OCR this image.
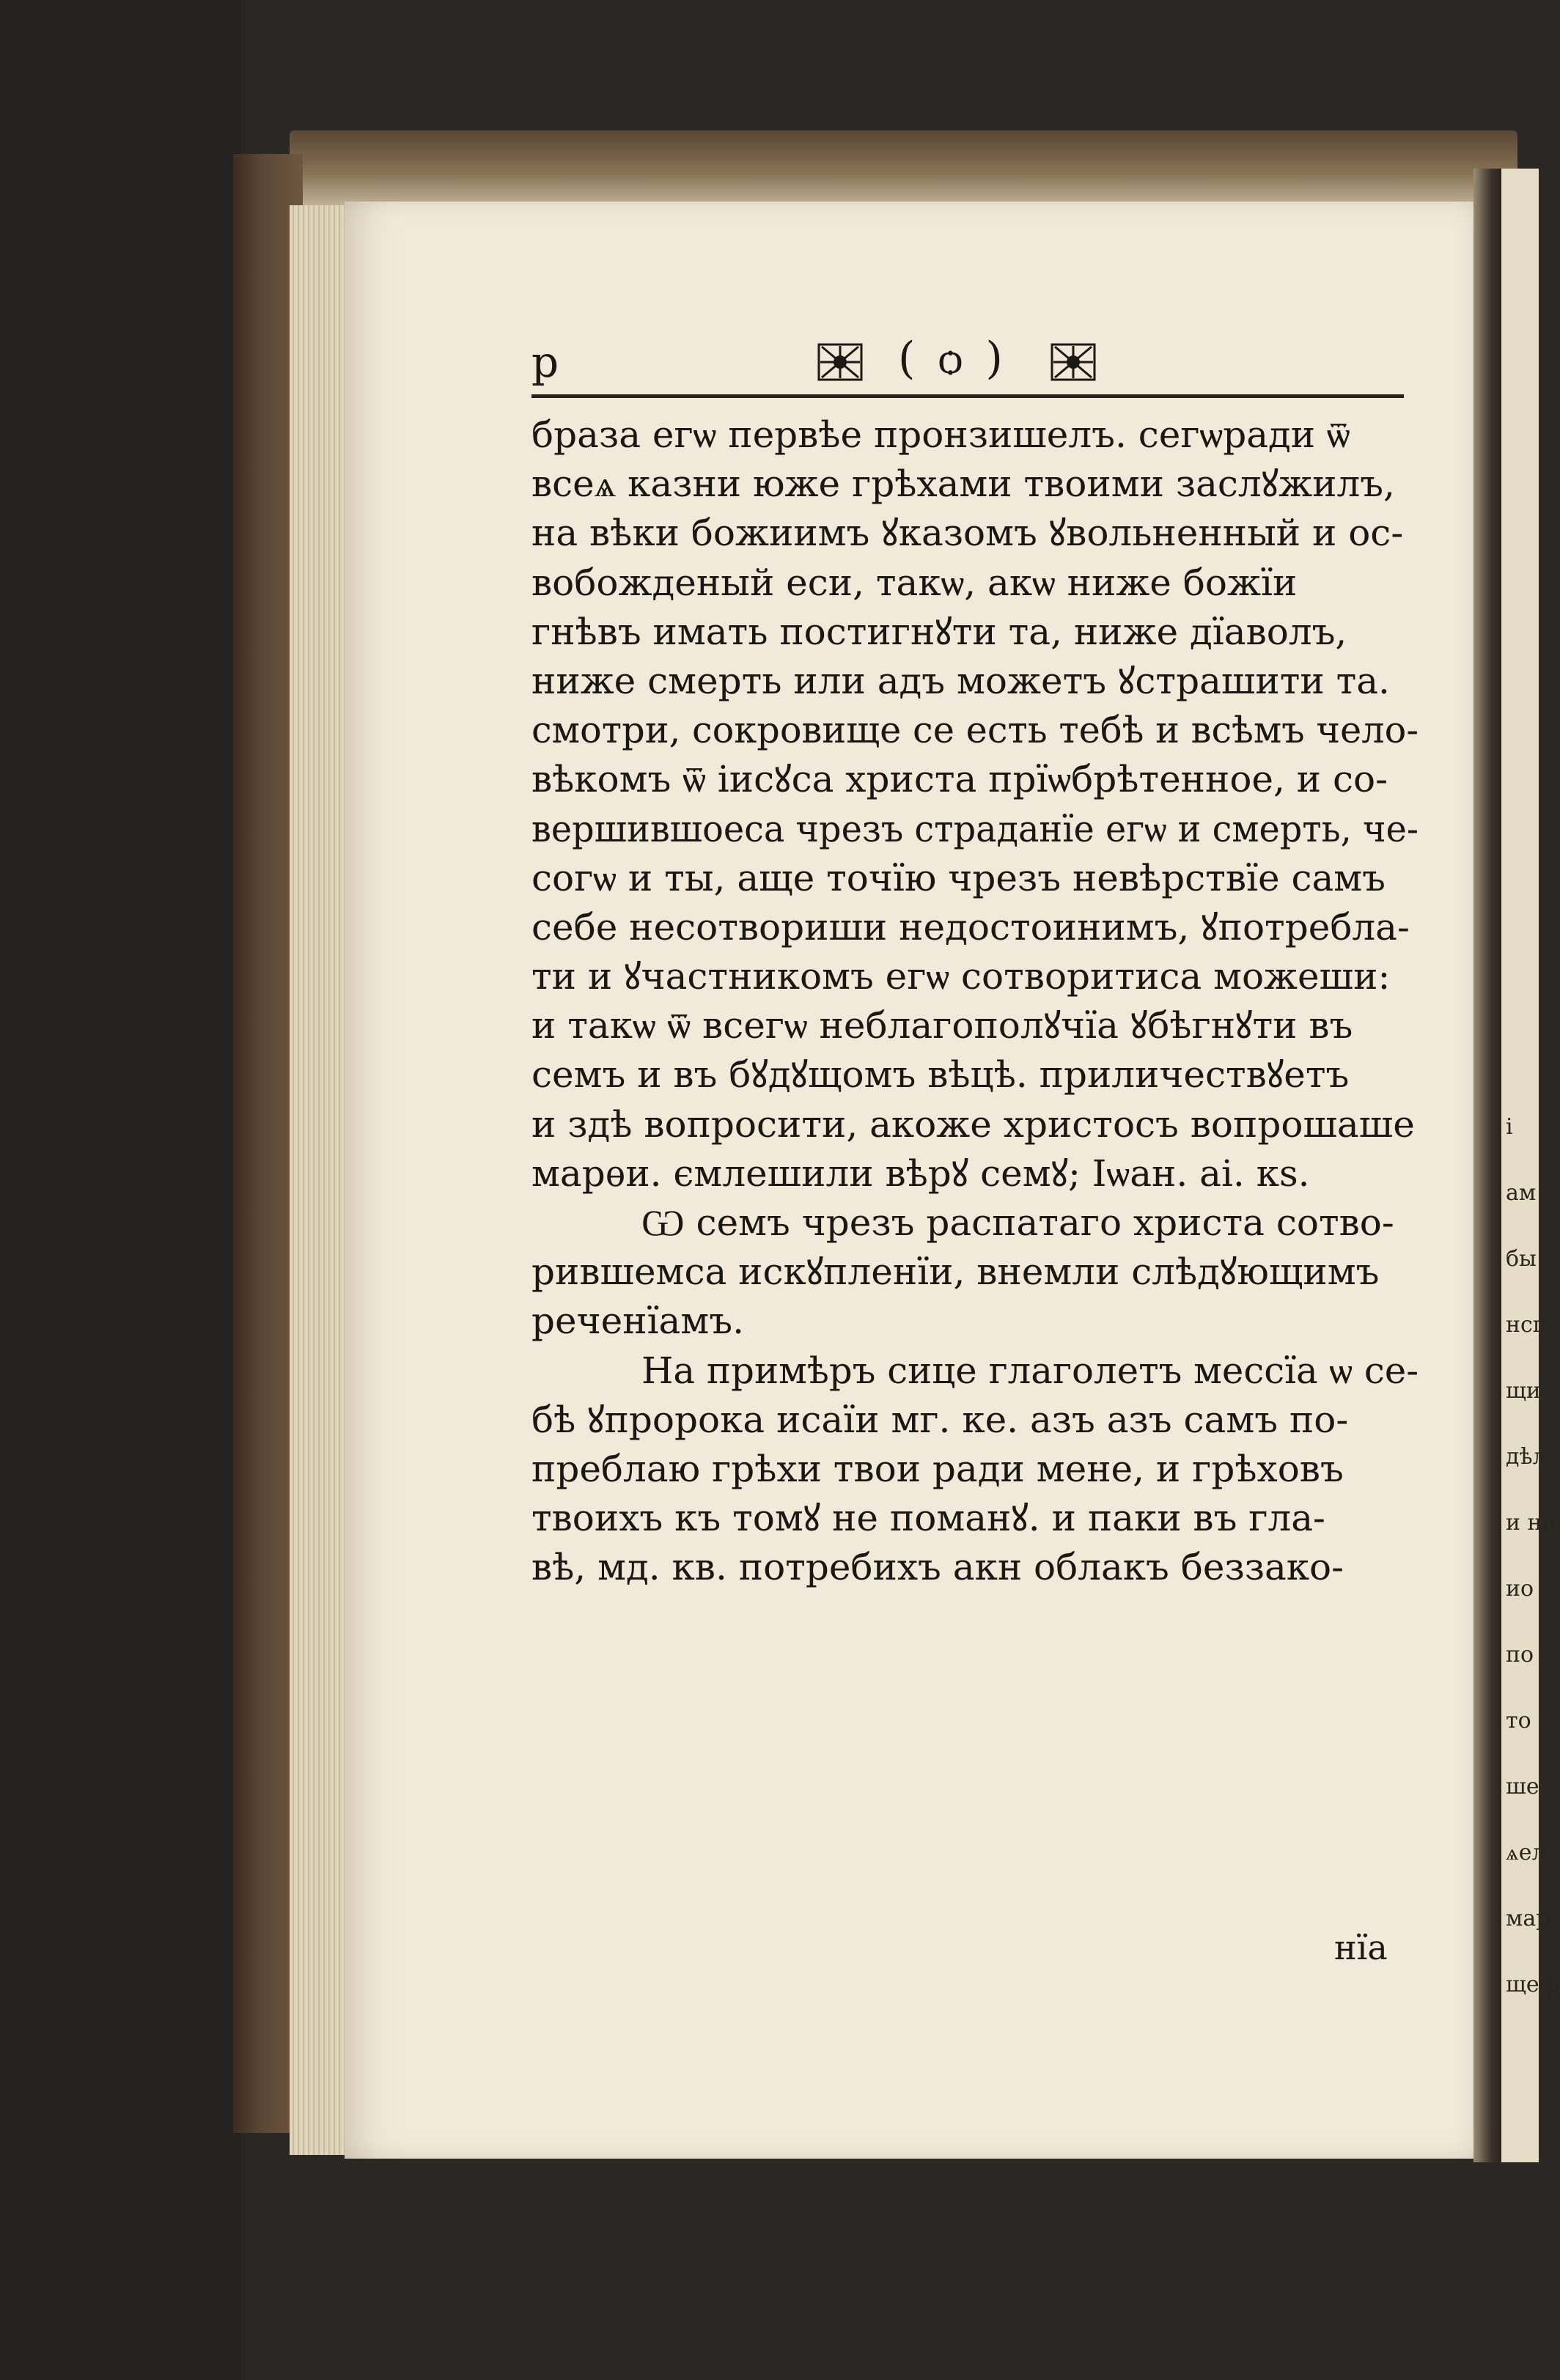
і
ам
бы
нсп
щи
дѣл
и ни
ио
по
то
ше
ѧел
мар
ще р
р	( ѻ )
браза егѡ первѣе пронзишелъ. сегѡради ѿ
всеѧ казни юже грѣхами твоими заслꙋжилъ,
на вѣки божиимъ ꙋказомъ ꙋвольненный и ос-
вобожденый еси, такѡ, акѡ ниже божїи
гнѣвъ имать постигнꙋти та, ниже дїаволъ,
ниже смерть или адъ можетъ ꙋстрашити та.
смотри, сокровище се есть тебѣ и всѣмъ чело-
вѣкомъ ѿ іисꙋса христа прїѡбрѣтенное, и со-
вершившоеса чрезъ страданїе егѡ и смерть, че-
согѡ и ты, аще точїю чрезъ невѣрствїе самъ
себе несотвориши недостоинимъ, ꙋпотребла-
ти и ꙋчастникомъ егѡ сотворитиса можеши:
и такѡ ѿ всегѡ неблагополꙋчїа ꙋбѣгнꙋти въ
семъ и въ бꙋдꙋщомъ вѣцѣ. приличествꙋетъ
и здѣ вопросити, акоже христосъ вопрошаше
марѳи. ємлешили вѣрꙋ семꙋ; Іѡан. аі. кѕ.
Ѡ семъ чрезъ распатаго христа сотво-
рившемса искꙋпленїи, внемли слѣдꙋющимъ
реченїамъ.
На примѣръ сице глаголетъ мессїа ѡ се-
бѣ ꙋпророка исаїи мг. ке. азъ азъ самъ по-
преблаю грѣхи твои ради мене, и грѣховъ
твоихъ къ томꙋ не поманꙋ. и паки въ гла-
вѣ, мд. кв. потребихъ акн облакъ беззако-
нїа
